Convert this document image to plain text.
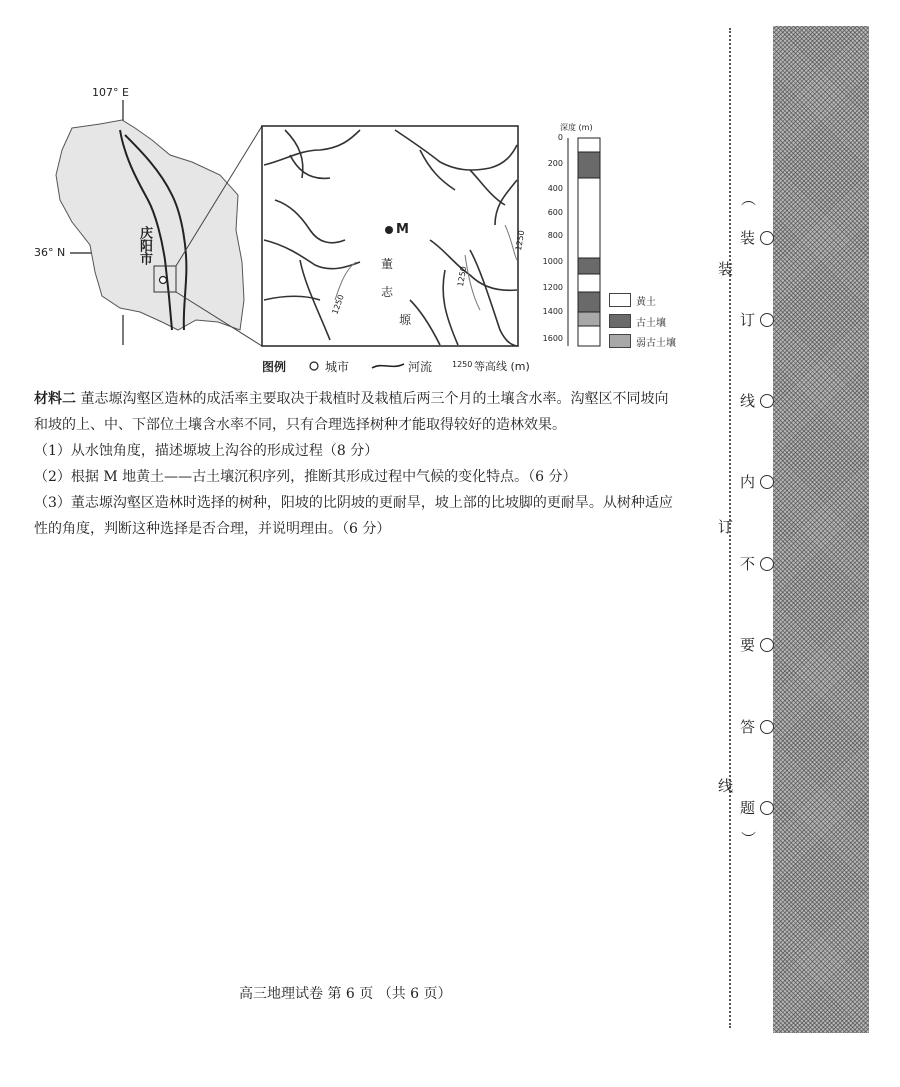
107° E
36° N	庆阳市	M
董
志
塬
1250
1250
1250
图例	城市	河流 1250 等高线 (m)
深度 (m)
0
200
400
600
800
1000
1200
1400
1600
黄土
古土壤
弱古土壤
材料二 董志塬沟壑区造林的成活率主要取决于栽植时及栽植后两三个月的土壤含水率。沟壑区不同坡向和坡的上、中、下部位土壤含水率不同，只有合理选择树种才能取得较好的造林效果。
（1）从水蚀角度，描述塬坡上沟谷的形成过程（8 分）
（2）根据 M 地黄土——古土壤沉积序列，推断其形成过程中气候的变化特点。（6 分）
（3）董志塬沟壑区造林时选择的树种，阳坡的比阴坡的更耐旱，坡上部的比坡脚的更耐旱。从树种适应性的角度，判断这种选择是否合理，并说明理由。（6 分）
高三地理试卷 第 6 页 （共 6 页）
︵
装
装
订
线
内
订
不
要
答
线
题
︶
